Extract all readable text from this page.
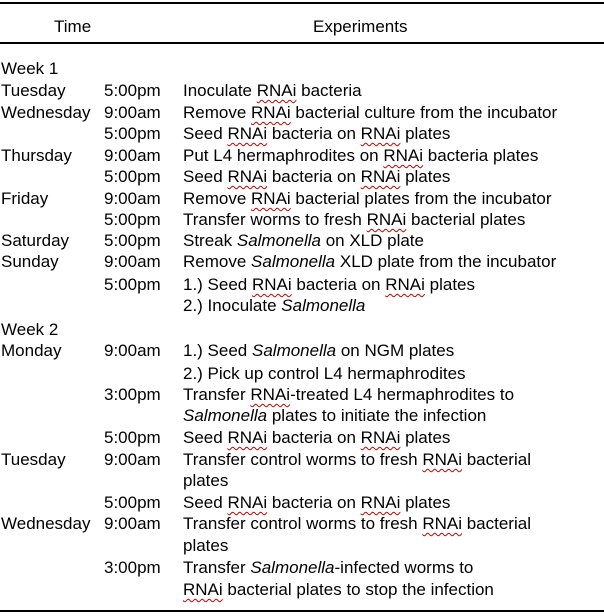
Time	Experiments
Week 1
Tuesday 5:00pm Inoculate RNAi bacteria
Wednesday 9:00am Remove RNAi bacterial culture from the incubator
5:00pm Seed RNAi bacteria on RNAi plates
Thursday 9:00am Put L4 hermaphrodites on RNAi bacteria plates
5:00pm Seed RNAi bacteria on RNAi plates
Friday	9:00am Remove RNAi bacterial plates from the incubator
5:00pm Transfer worms to fresh RNAi bacterial plates
Saturday 5:00pm Streak Salmonella on XLD plate
Sunday	9:00am Remove Salmonella XLD plate from the incubator
5:00pm 1.) Seed RNAi bacteria on RNAi plates
2.) Inoculate Salmonella
Week 2
Monday	9:00am 1.) Seed Salmonella on NGM plates
2.) Pick up control L4 hermaphrodites
3:00pm Transfer RNAi-treated L4 hermaphrodites to
Salmonella plates to initiate the infection
5:00pm Seed RNAi bacteria on RNAi plates
Tuesday 9:00am Transfer control worms to fresh RNAi bacterial
plates
5:00pm Seed RNAi bacteria on RNAi plates
Wednesday 9:00am Transfer control worms to fresh RNAi bacterial
plates
3:00pm Transfer Salmonella-infected worms to
RNAi bacterial plates to stop the infection
